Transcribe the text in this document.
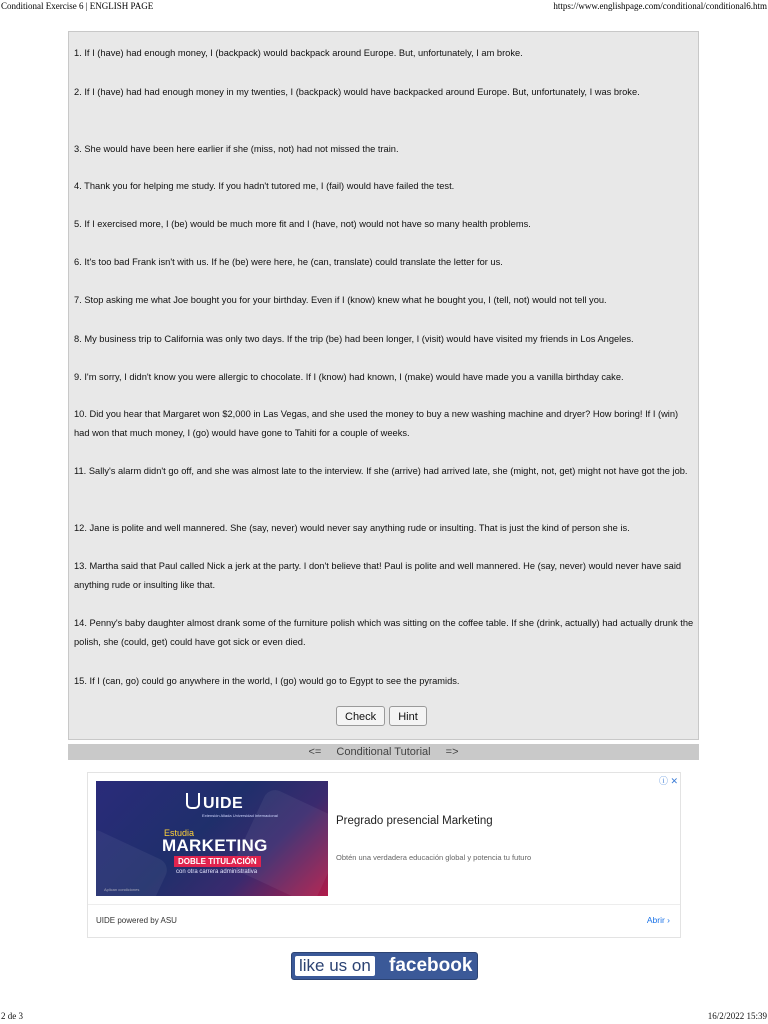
Conditional Exercise 6 | ENGLISH PAGE	https://www.englishpage.com/conditional/conditional6.htm
1. If I (have) had enough money, I (backpack) would backpack around Europe. But, unfortunately, I am broke.
2. If I (have) had had enough money in my twenties, I (backpack) would have backpacked around Europe. But, unfortunately, I was broke.
3. She would have been here earlier if she (miss, not) had not missed the train.
4. Thank you for helping me study. If you hadn't tutored me, I (fail) would have failed the test.
5. If I exercised more, I (be) would be much more fit and I (have, not) would not have so many health problems.
6. It's too bad Frank isn't with us. If he (be) were here, he (can, translate) could translate the letter for us.
7. Stop asking me what Joe bought you for your birthday. Even if I (know) knew what he bought you, I (tell, not) would not tell you.
8. My business trip to California was only two days. If the trip (be) had been longer, I (visit) would have visited my friends in Los Angeles.
9. I'm sorry, I didn't know you were allergic to chocolate. If I (know) had known, I (make) would have made you a vanilla birthday cake.
10. Did you hear that Margaret won $2,000 in Las Vegas, and she used the money to buy a new washing machine and dryer? How boring! If I (win) had won that much money, I (go) would have gone to Tahiti for a couple of weeks.
11. Sally's alarm didn't go off, and she was almost late to the interview. If she (arrive) had arrived late, she (might, not, get) might not have got the job.
12. Jane is polite and well mannered. She (say, never) would never say anything rude or insulting. That is just the kind of person she is.
13. Martha said that Paul called Nick a jerk at the party. I don't believe that! Paul is polite and well mannered. He (say, never) would never have said anything rude or insulting like that.
14. Penny's baby daughter almost drank some of the furniture polish which was sitting on the coffee table. If she (drink, actually) had actually drunk the polish, she (could, get) could have got sick or even died.
15. If I (can, go) could go anywhere in the world, I (go) would go to Egypt to see the pyramids.
Check Hint
<= Conditional Tutorial =>
ⓘ ✕
UIDE
Extensión Aliada Universidad Internacional
Estudia
MARKETING
DOBLE TITULACIÓN
con otra carrera administrativa
Aplican condiciones
Pregrado presencial Marketing
Obtén una verdadera educación global y potencia tu futuro
UIDE powered by ASU	Abrir ›
like us on facebook
2 de 3	16/2/2022 15:39
